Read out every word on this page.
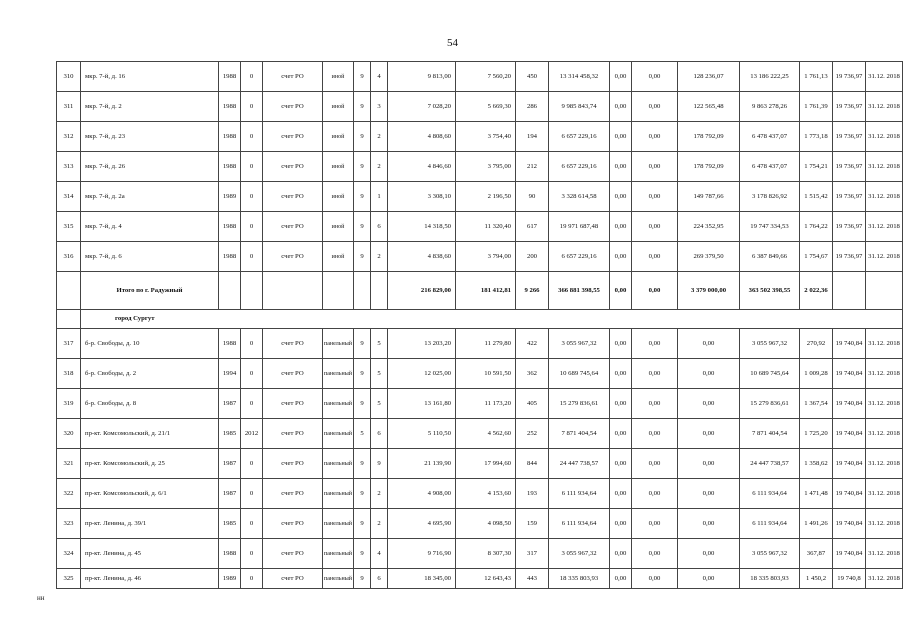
54
310	мкр. 7-й, д. 16	1988	0	счет РО	иной	9	4	9 813,00	7 560,20	450	13 314 458,32	0,00	0,00	128 236,07	13 186 222,25	1 761,13	19 736,97	31.12. 2018
311	мкр. 7-й, д. 2	1988	0	счет РО	иной	9	3	7 028,20	5 669,30	286	9 985 843,74	0,00	0,00	122 565,48	9 863 278,26	1 761,39	19 736,97	31.12. 2018
312	мкр. 7-й, д. 23	1988	0	счет РО	иной	9	2	4 808,60	3 754,40	194	6 657 229,16	0,00	0,00	178 792,09	6 478 437,07	1 773,18	19 736,97	31.12. 2018
313	мкр. 7-й, д. 26	1988	0	счет РО	иной	9	2	4 846,60	3 795,00	212	6 657 229,16	0,00	0,00	178 792,09	6 478 437,07	1 754,21	19 736,97	31.12. 2018
314	мкр. 7-й, д. 2а	1989	0	счет РО	иной	9	1	3 308,10	2 196,50	90	3 328 614,58	0,00	0,00	149 787,66	3 178 826,92	1 515,42	19 736,97	31.12. 2018
315	мкр. 7-й, д. 4	1988	0	счет РО	иной	9	6	14 318,50	11 320,40	617	19 971 687,48	0,00	0,00	224 352,95	19 747 334,53	1 764,22	19 736,97	31.12. 2018
316	мкр. 7-й, д. 6	1988	0	счет РО	иной	9	2	4 838,60	3 794,00	200	6 657 229,16	0,00	0,00	269 379,50	6 387 849,66	1 754,67	19 736,97	31.12. 2018
	Итого по г. Радужный							216 829,00	181 412,81	9 266	366 881 398,55	0,00	0,00	3 379 000,00	363 502 398,55	2 022,36		
	город Сургут																	
317	б-р. Свободы, д. 10	1988	0	счет РО	панельный	9	5	13 203,20	11 279,80	422	3 055 967,32	0,00	0,00	0,00	3 055 967,32	270,92	19 740,84	31.12. 2018
318	б-р. Свободы, д. 2	1994	0	счет РО	панельный	9	5	12 025,00	10 591,50	362	10 689 745,64	0,00	0,00	0,00	10 689 745,64	1 009,28	19 740,84	31.12. 2018
319	б-р. Свободы, д. 8	1987	0	счет РО	панельный	9	5	13 161,80	11 173,20	405	15 279 836,61	0,00	0,00	0,00	15 279 836,61	1 367,54	19 740,84	31.12. 2018
320	пр-кт. Комсомольский, д. 21/1	1985	2012	счет РО	панельный	5	6	5 110,50	4 562,60	252	7 871 404,54	0,00	0,00	0,00	7 871 404,54	1 725,20	19 740,84	31.12. 2018
321	пр-кт. Комсомольский, д. 25	1987	0	счет РО	панельный	9	9	21 139,90	17 994,60	844	24 447 738,57	0,00	0,00	0,00	24 447 738,57	1 358,62	19 740,84	31.12. 2018
322	пр-кт. Комсомольский, д. 6/1	1987	0	счет РО	панельный	9	2	4 908,00	4 153,60	193	6 111 934,64	0,00	0,00	0,00	6 111 934,64	1 471,48	19 740,84	31.12. 2018
323	пр-кт. Ленина, д. 39/1	1985	0	счет РО	панельный	9	2	4 695,90	4 098,50	159	6 111 934,64	0,00	0,00	0,00	6 111 934,64	1 491,26	19 740,84	31.12. 2018
324	пр-кт. Ленина, д. 45	1988	0	счет РО	панельный	9	4	9 716,90	8 307,30	317	3 055 967,32	0,00	0,00	0,00	3 055 967,32	367,87	19 740,84	31.12. 2018
325	пр-кт. Ленина, д. 46	1989	0	счет РО	панельный	9	6	18 345,00	12 643,43	443	18 335 803,93	0,00	0,00	0,00	18 335 803,93	1 450,2	19 740,8	31.12. 2018
нн
